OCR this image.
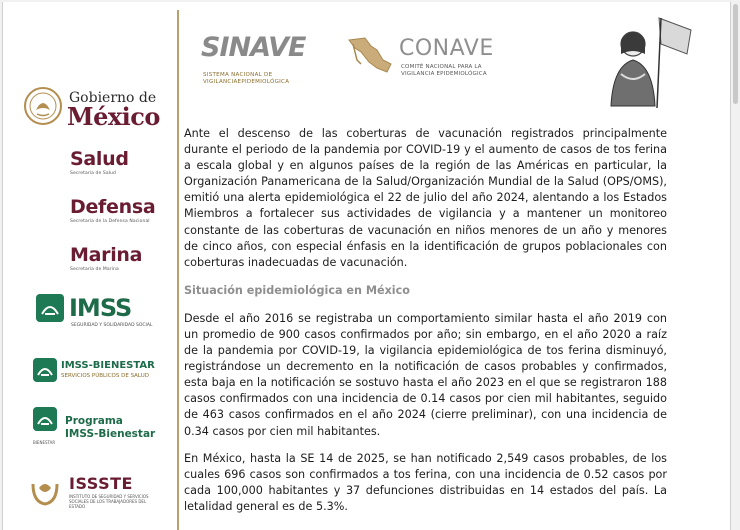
Gobierno de
México
Salud
Secretaría de Salud
Defensa
Secretaría de la Defensa Nacional
Marina
Secretaría de Marina
IMSS
SEGURIDAD Y SOLIDARIDAD SOCIAL
IMSS-BIENESTAR
SERVICIOS PÚBLICOS DE SALUD
Programa
IMSS-Bienestar
BIENESTAR
ISSSTE
INSTITUTO DE SEGURIDAD Y SERVICIOS SOCIALES DE LOS TRABAJADORES DEL ESTADO
SINAVE
SISTEMA NACIONAL DE
VIGILANCIAEPIDEMIOLÓGICA
CONAVE
COMITÉ NACIONAL PARA LA
VIGILANCIA EPIDEMIOLÓGICA

Ante el descenso de las coberturas de vacunación registrados principalmente durante el periodo de la pandemia por COVID-19 y el aumento de casos de tos ferina a escala global y en algunos países de la región de las Américas en particular, la Organización Panamericana de la Salud/Organización Mundial de la Salud (OPS/OMS), emitió una alerta epidemiológica el 22 de julio del año 2024, alentando a los Estados Miembros a fortalecer sus actividades de vigilancia y a mantener un monitoreo constante de las coberturas de vacunación en niños menores de un año y menores de cinco años, con especial énfasis en la identificación de grupos poblacionales con coberturas inadecuadas de vacunación.

Situación epidemiológica en México

Desde el año 2016 se registraba un comportamiento similar hasta el año 2019 con un promedio de 900 casos confirmados por año; sin embargo, en el año 2020 a raíz de la pandemia por COVID-19, la vigilancia epidemiológica de tos ferina disminuyó, registrándose un decremento en la notificación de casos probables y confirmados, esta baja en la notificación se sostuvo hasta el año 2023 en el que se registraron 188 casos confirmados con una incidencia de 0.14 casos por cien mil habitantes, seguido de 463 casos confirmados en el año 2024 (cierre preliminar), con una incidencia de 0.34 casos por cien mil habitantes.

En México, hasta la SE 14 de 2025, se han notificado 2,549 casos probables, de los cuales 696 casos son confirmados a tos ferina, con una incidencia de 0.52 casos por cada 100,000 habitantes y 37 defunciones distribuidas en 14 estados del país. La letalidad general es de 5.3%.
